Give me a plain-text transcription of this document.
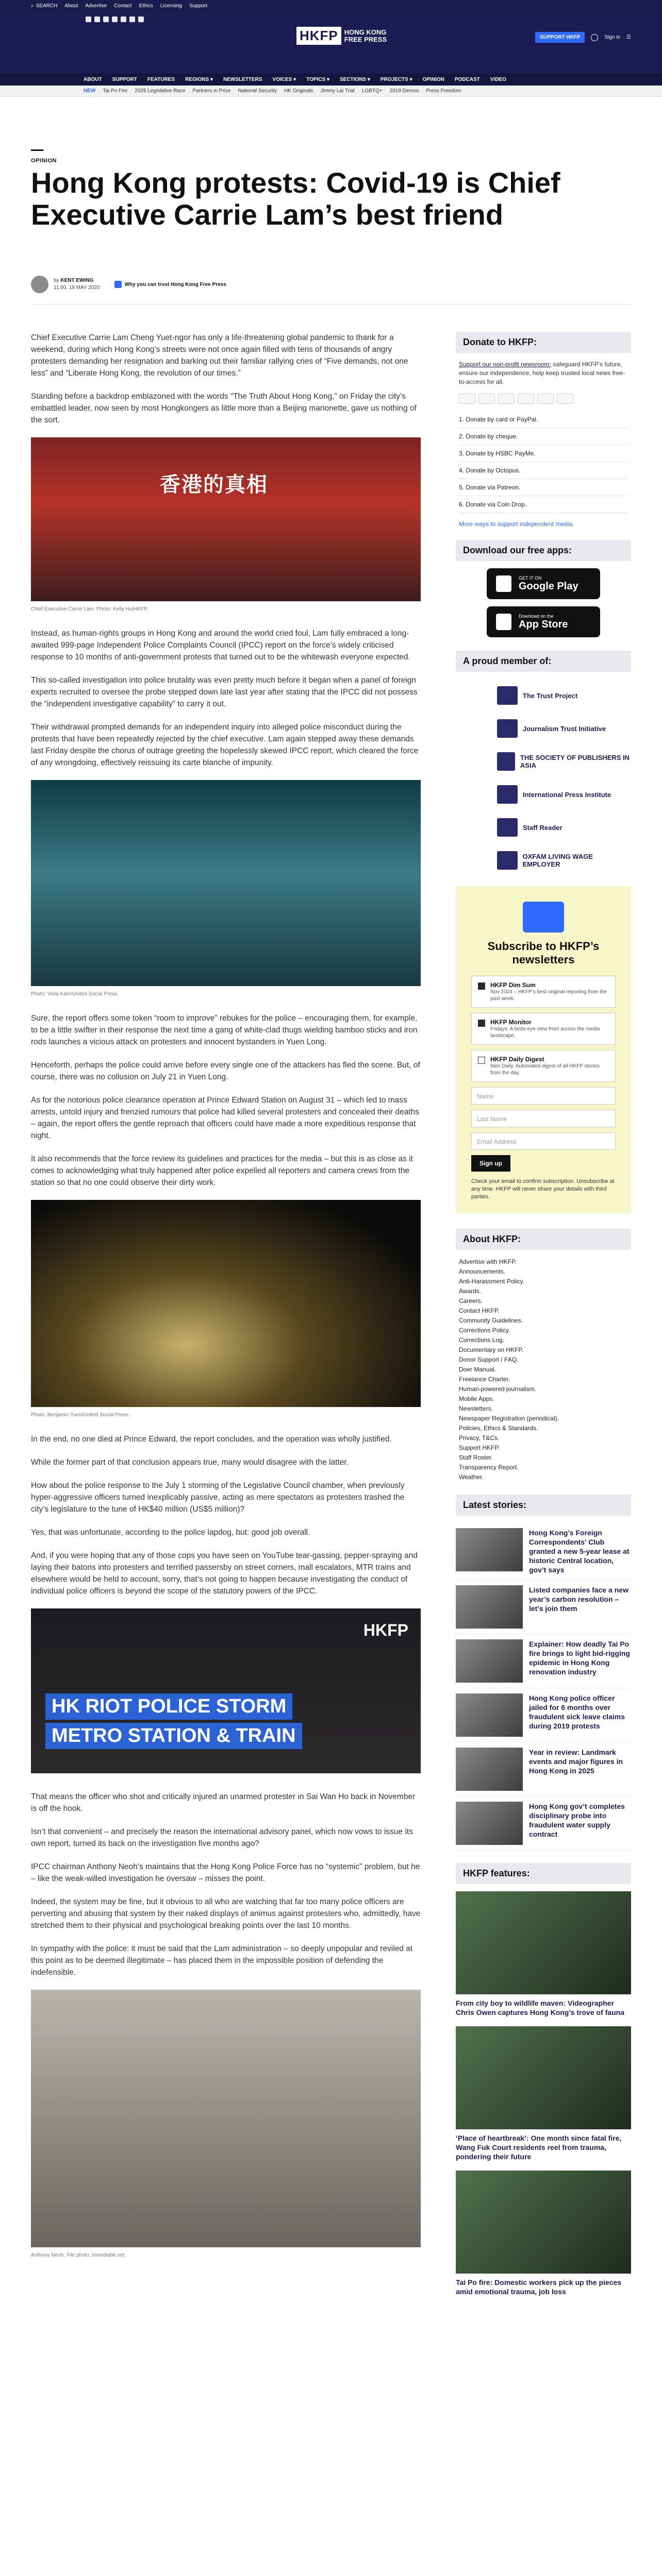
⌕ SEARCH About Advertise Contact Ethics Licensing Support
HKFP HONG KONG
FREE PRESS	SUPPORT HKFP	Sign in ☰
ABOUT SUPPORT FEATURES REGIONS ▾ NEWSLETTERS VOICES ▾ TOPICS ▾ SECTIONS ▾ PROJECTS ▾ OPINION PODCAST VIDEO
NEW Tai Po Fire 2025 Legislative Race Partners in Prize National Security HK Originals Jimmy Lai Trial LGBTQ+ 2019 Demos Press Freedom
OPINION
Hong Kong protests: Covid-19 is Chief Executive Carrie Lam’s best friend
by KENT EWING
11:00, 19 MAY 2020
Why you can trust Hong Kong Free Press

Chief Executive Carrie Lam Cheng Yuet-ngor has only a life-threatening global pandemic to thank for a weekend, during which Hong Kong’s streets were not once again filled with tens of thousands of angry protesters demanding her resignation and barking out their familiar rallying cries of “Five demands, not one less” and “Liberate Hong Kong, the revolution of our times.”

Standing before a backdrop emblazoned with the words “The Truth About Hong Kong,” on Friday the city’s embattled leader, now seen by most Hongkongers as little more than a Beijing marionette, gave us nothing of the sort.

香港的真相
Chief Executive Carrie Lam. Photo: Kelly Ho/HKFP.

Instead, as human-rights groups in Hong Kong and around the world cried foul, Lam fully embraced a long-awaited 999-page Independent Police Complaints Council (IPCC) report on the force’s widely criticised response to 10 months of anti-government protests that turned out to be the whitewash everyone expected.

This so-called investigation into police brutality was even pretty much before it began when a panel of foreign experts recruited to oversee the probe stepped down late last year after stating that the IPCC did not possess the “independent investigative capability” to carry it out.

Their withdrawal prompted demands for an independent inquiry into alleged police misconduct during the protests that have been repeatedly rejected by the chief executive. Lam again stepped away these demands last Friday despite the chorus of outrage greeting the hopelessly skewed IPCC report, which cleared the force of any wrongdoing, effectively reissuing its carte blanche of impunity.

Photo: Viola Kam/United Social Press.

Sure, the report offers some token “room to improve” rebukes for the police – encouraging them, for example, to be a little swifter in their response the next time a gang of white-clad thugs wielding bamboo sticks and iron rods launches a vicious attack on protesters and innocent bystanders in Yuen Long.

Henceforth, perhaps the police could arrive before every single one of the attackers has fled the scene. But, of course, there was no collusion on July 21 in Yuen Long.

As for the notorious police clearance operation at Prince Edward Station on August 31 – which led to mass arrests, untold injury and frenzied rumours that police had killed several protesters and concealed their deaths – again, the report offers the gentle reproach that officers could have made a more expeditious response that night.

It also recommends that the force review its guidelines and practices for the media – but this is as close as it comes to acknowledging what truly happened after police expelled all reporters and camera crews from the station so that no one could observe their dirty work.

Photo: Benjamin Yuen/United Social Press.

In the end, no one died at Prince Edward, the report concludes, and the operation was wholly justified.

While the former part of that conclusion appears true, many would disagree with the latter.

How about the police response to the July 1 storming of the Legislative Council chamber, when previously hyper-aggressive officers turned inexplicably passive, acting as mere spectators as protesters trashed the city’s legislature to the tune of HK$40 million (US$5 million)?

Yes, that was unfortunate, according to the police lapdog, but: good job overall.

And, if you were hoping that any of those cops you have seen on YouTube tear-gassing, pepper-spraying and laying their batons into protesters and terrified passersby on street corners, mall escalators, MTR trains and elsewhere would be held to account, sorry, that’s not going to happen because investigating the conduct of individual police officers is beyond the scope of the statutory powers of the IPCC.

HKFP
HK RIOT POLICE STORM
METRO STATION & TRAIN

That means the officer who shot and critically injured an unarmed protester in Sai Wan Ho back in November is off the hook.

Isn’t that convenient – and precisely the reason the international advisory panel, which now vows to issue its own report, turned its back on the investigation five months ago?

IPCC chairman Anthony Neoh’s maintains that the Hong Kong Police Force has no “systemic” problem, but he – like the weak-willed investigation he oversaw – misses the point.

Indeed, the system may be fine, but it obvious to all who are watching that far too many police officers are perverting and abusing that system by their naked displays of animus against protesters who, admittedly, have stretched them to their physical and psychological breaking points over the last 10 months.

In sympathy with the police: it must be said that the Lam administration – so deeply unpopular and reviled at this point as to be deemed illegitimate – has placed them in the impossible position of defending the indefensible.

Anthony Neoh. File photo: Inmediahk.net.
Donate to HKFP:
Support our non-profit newsroom: safeguard HKFP’s future, ensure our independence, help keep trusted local news free-to-access for all.
1. Donate by card or PayPal.
2. Donate by cheque.
3. Donate by HSBC PayMe.
4. Donate by Octopus.
5. Donate via Patreon.
6. Donate via Coin Drop.
More ways to support independent media.
Download our free apps:
GET IT ON
Google Play
Download on the
App Store
A proud member of:
The Trust Project
Journalism Trust Initiative
THE SOCIETY OF PUBLISHERS IN ASIA
International Press Institute
Staff Reader
OXFAM LIVING WAGE EMPLOYER
Subscribe to HKFP’s newsletters
HKFP Dim Sum
Nov 2024 – HKFP’s best original reporting from the past week.
HKFP Monitor
Fridays. A birds-eye view from across the media landscape.
HKFP Daily Digest
9am Daily. Automated digest of all HKFP stories from the day.
Name
Last Name
Email Address
Sign up
Check your email to confirm subscription. Unsubscribe at any time. HKFP will never share your details with third parties.
About HKFP:
Advertise with HKFP.
Announcements.
Anti-Harassment Policy.
Awards.
Careers.
Contact HKFP.
Community Guidelines.
Corrections Policy.
Corrections Log.
Documentary on HKFP.
Donor Support / FAQ.
Doer Manual.
Freelance Charter.
Human-powered journalism.
Mobile Apps.
Newsletters.
Newspaper Registration (periodical).
Policies, Ethics & Standards.
Privacy, T&Cs.
Support HKFP.
Staff Roster.
Transparency Report.
Weather.
Latest stories:
Hong Kong’s Foreign Correspondents’ Club granted a new 5-year lease at historic Central location, gov’t says
Listed companies face a new year’s carbon resolution – let’s join them
Explainer: How deadly Tai Po fire brings to light bid-rigging epidemic in Hong Kong renovation industry
Hong Kong police officer jailed for 6 months over fraudulent sick leave claims during 2019 protests
Year in review: Landmark events and major figures in Hong Kong in 2025
Hong Kong gov’t completes disciplinary probe into fraudulent water supply contract
HKFP features:
From city boy to wildlife maven: Videographer Chris Owen captures Hong Kong’s trove of fauna
‘Place of heartbreak’: One month since fatal fire, Wang Fuk Court residents reel from trauma, pondering their future
Tai Po fire: Domestic workers pick up the pieces amid emotional trauma, job loss
